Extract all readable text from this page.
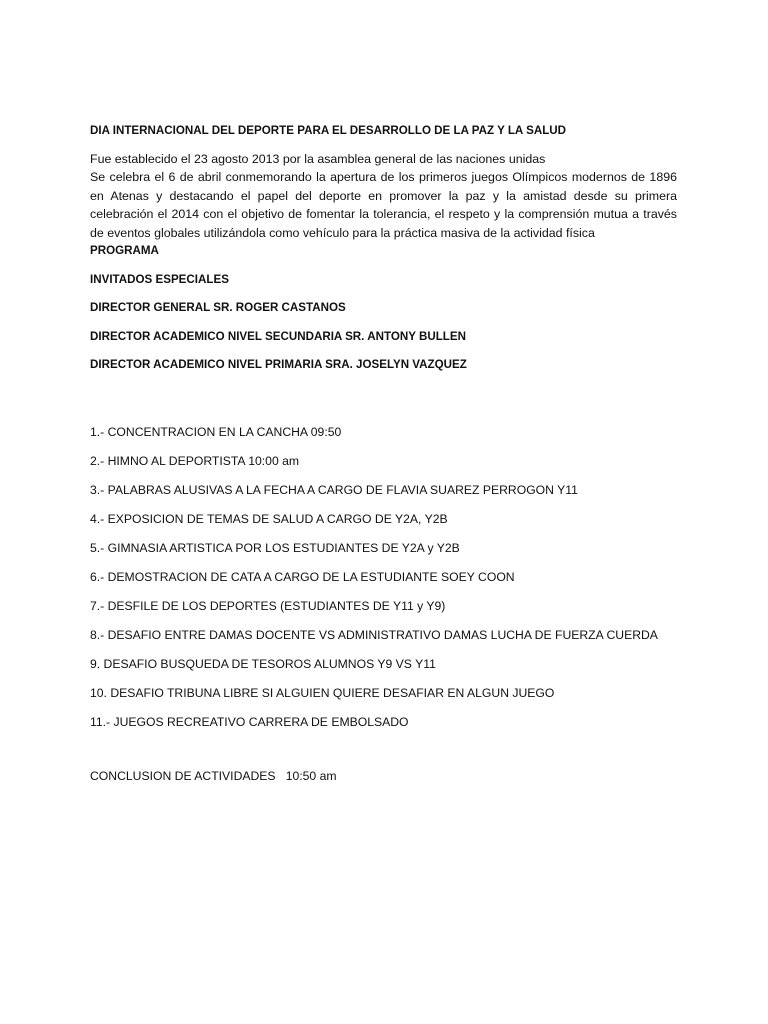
DIA INTERNACIONAL DEL DEPORTE PARA EL DESARROLLO DE LA PAZ Y LA SALUD

Fue establecido el 23 agosto 2013 por la asamblea general de las naciones unidas

Se celebra el 6 de abril conmemorando la apertura de los primeros juegos Olímpicos modernos de 1896 en Atenas y destacando el papel del deporte en promover la paz y la amistad desde su primera celebración el 2014 con el objetivo de fomentar la tolerancia, el respeto y la comprensión mutua a través de eventos globales utilizándola como vehículo para la práctica masiva de la actividad física

PROGRAMA

INVITADOS ESPECIALES

DIRECTOR GENERAL SR. ROGER CASTANOS

DIRECTOR ACADEMICO NIVEL SECUNDARIA SR. ANTONY BULLEN

DIRECTOR ACADEMICO NIVEL PRIMARIA SRA. JOSELYN VAZQUEZ

1.- CONCENTRACION EN LA CANCHA 09:50

2.- HIMNO AL DEPORTISTA 10:00 am

3.- PALABRAS ALUSIVAS A LA FECHA A CARGO DE FLAVIA SUAREZ PERROGON Y11

4.- EXPOSICION DE TEMAS DE SALUD A CARGO DE Y2A, Y2B

5.- GIMNASIA ARTISTICA POR LOS ESTUDIANTES DE Y2A y Y2B

6.- DEMOSTRACION DE CATA A CARGO DE LA ESTUDIANTE SOEY COON

7.- DESFILE DE LOS DEPORTES (ESTUDIANTES DE Y11 y Y9)

8.- DESAFIO ENTRE DAMAS DOCENTE VS ADMINISTRATIVO DAMAS LUCHA DE FUERZA CUERDA

9. DESAFIO BUSQUEDA DE TESOROS ALUMNOS Y9 VS Y11

10. DESAFIO TRIBUNA LIBRE SI ALGUIEN QUIERE DESAFIAR EN ALGUN JUEGO

11.- JUEGOS RECREATIVO CARRERA DE EMBOLSADO

CONCLUSION DE ACTIVIDADES   10:50 am
